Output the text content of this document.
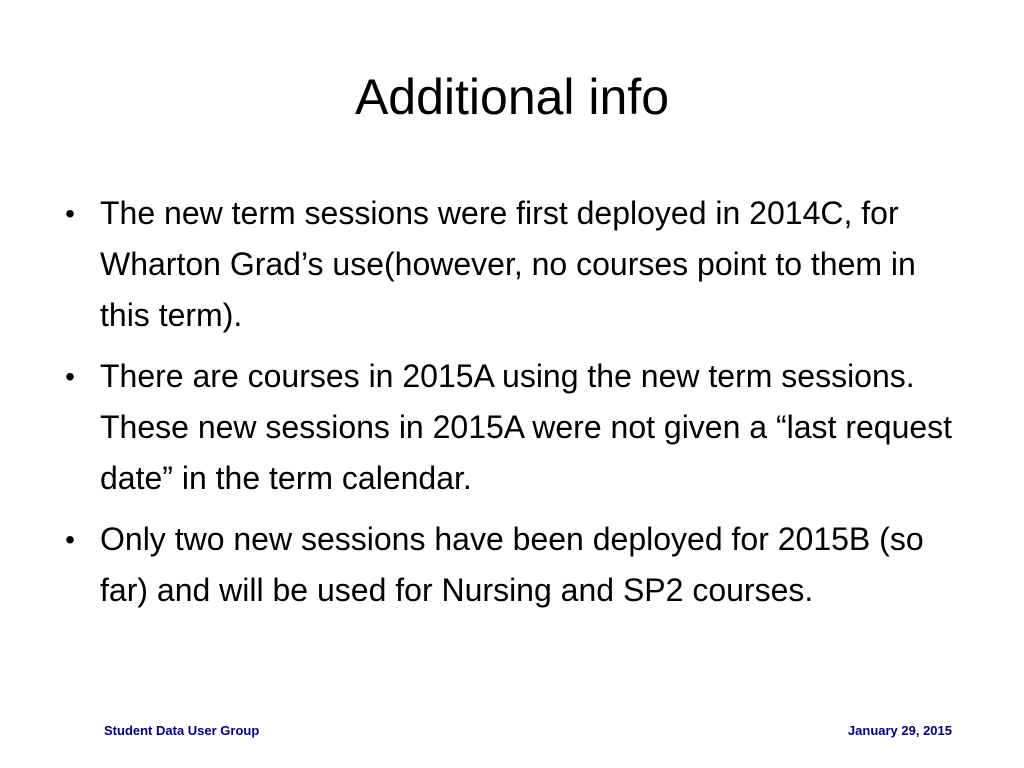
Additional info
• The new term sessions were first deployed in 2014C, for Wharton Grad’s use(however, no courses point to them in this term).
• There are courses in 2015A using the new term sessions. These new sessions in 2015A were not given a “last request date” in the term calendar.
• Only two new sessions have been deployed for 2015B (so far) and will be used for Nursing and SP2 courses.
Student Data User Group	January 29, 2015
